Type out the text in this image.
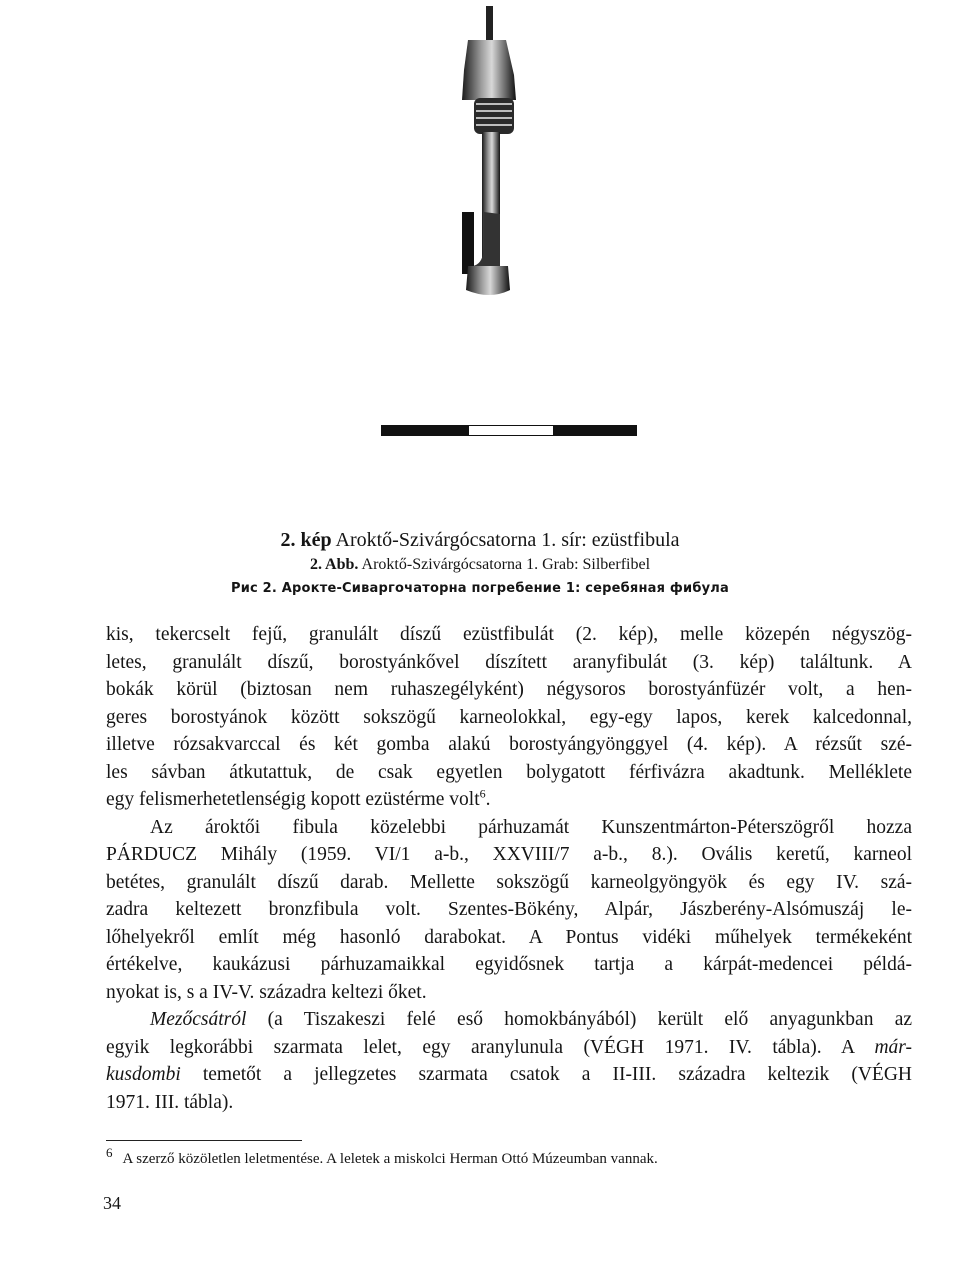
2. kép Aroktő-Szivárgócsatorna 1. sír: ezüstfibula
2. Abb. Aroktő-Szivárgócsatorna 1. Grab: Silberfibel
Рис 2. Арокте-Сиваргочаторна погребение 1: серебяная фибула
kis, tekercselt fejű, granulált díszű ezüstfibulát (2. kép), melle közepén négyszög-
letes, granulált díszű, borostyánkővel díszített aranyfibulát (3. kép) találtunk. A
bokák körül (biztosan nem ruhaszegélyként) négysoros borostyánfüzér volt, a hen-
geres borostyánok között sokszögű karneolokkal, egy-egy lapos, kerek kalcedonnal,
illetve rózsakvarccal és két gomba alakú borostyángyönggyel (4. kép). A rézsűt szé-
les sávban átkutattuk, de csak egyetlen bolygatott férfivázra akadtunk. Melléklete
egy felismerhetetlenségig kopott ezüstérme volt$^6$.
Az ároktői fibula közelebbi párhuzamát Kunszentmárton-Péterszögről hozza
PÁRDUCZ Mihály (1959. VI/1 a-b., XXVIII/7 a-b., 8.). Ovális keretű, karneol
betétes, granulált díszű darab. Mellette sokszögű karneolgyöngyök és egy IV. szá-
zadra keltezett bronzfibula volt. Szentes-Bökény, Alpár, Jászberény-Alsómuszáj le-
lőhelyekről említ még hasonló darabokat. A Pontus vidéki műhelyek termékeként
értékelve, kaukázusi párhuzamaikkal egyidősnek tartja a kárpát-medencei példá-
nyokat is, s a IV-V. századra keltezi őket.
Mezőcsátról (a Tiszakeszi felé eső homokbányából) került elő anyagunkban az
egyik legkorábbi szarmata lelet, egy aranylunula (VÉGH 1971. IV. tábla). A már-
kusdombi temetőt a jellegzetes szarmata csatok a II-III. századra keltezik (VÉGH
1971. III. tábla).
6 A szerző közöletlen leletmentése. A leletek a miskolci Herman Ottó Múzeumban vannak.
34
